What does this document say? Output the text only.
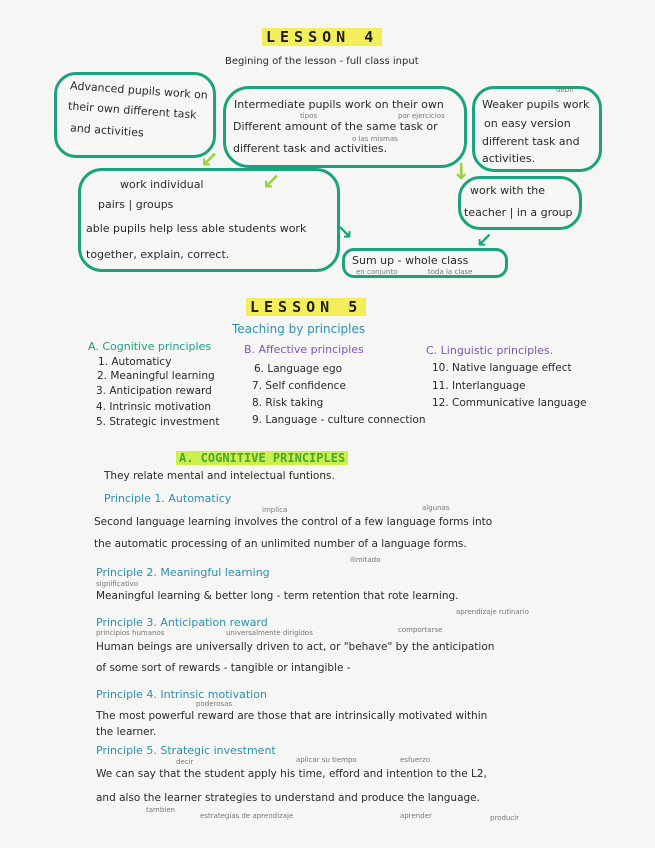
LESSON 4
Begining of the lesson - full class input
Advanced pupils work on
their own different task
and activities
tipos	por ejercicios
o las mismas
Intermediate pupils work on their own
Different amount of the same task or
different task and activities.
debil
Weaker pupils work
on easy version
different task and
activities.
↙
↙	↓
work individual
pairs | groups
able pupils help less able students work
together, explain, correct.
work with the
teacher | in a group
↘	↙
Sum up - whole class
en conjunto	toda la clase
LESSON 5
Teaching by principles
A. Cognitive principles
1. Automaticy
2. Meaningful learning
3. Anticipation reward
4. Intrinsic motivation
5. Strategic investment
B. Affective principles
6. Language ego
7. Self confidence
8. Risk taking
9. Language - culture connection
C. Linguistic principles.
10. Native language effect
11. Interlanguage
12. Communicative language
A. COGNITIVE PRINCIPLES
They relate mental and intelectual funtions.
Principle 1. Automaticy
implica	algunas
Second language learning involves the control of a few language forms into
the automatic processing of an unlimited number of a language forms.
ilimitado
Principle 2. Meaningful learning
significativo
Meaningful learning & better long - term retention that rote learning.
aprendizaje rutinario
Principle 3. Anticipation reward
principios humanos	universalmente dirigidos	comportarse
Human beings are universally driven to act, or "behave" by the anticipation
of some sort of rewards - tangible or intangible -
Principle 4. Intrinsic motivation
poderosas
The most powerful reward are those that are intrinsically motivated within
the learner.
Principle 5. Strategic investment
decir	aplicar su tiempo	esfuerzo
We can say that the student apply his time, efford and intention to the L2,
and also the learner strategies to understand and produce the language.
tambien
estrategias de aprendizaje	aprender	producir
